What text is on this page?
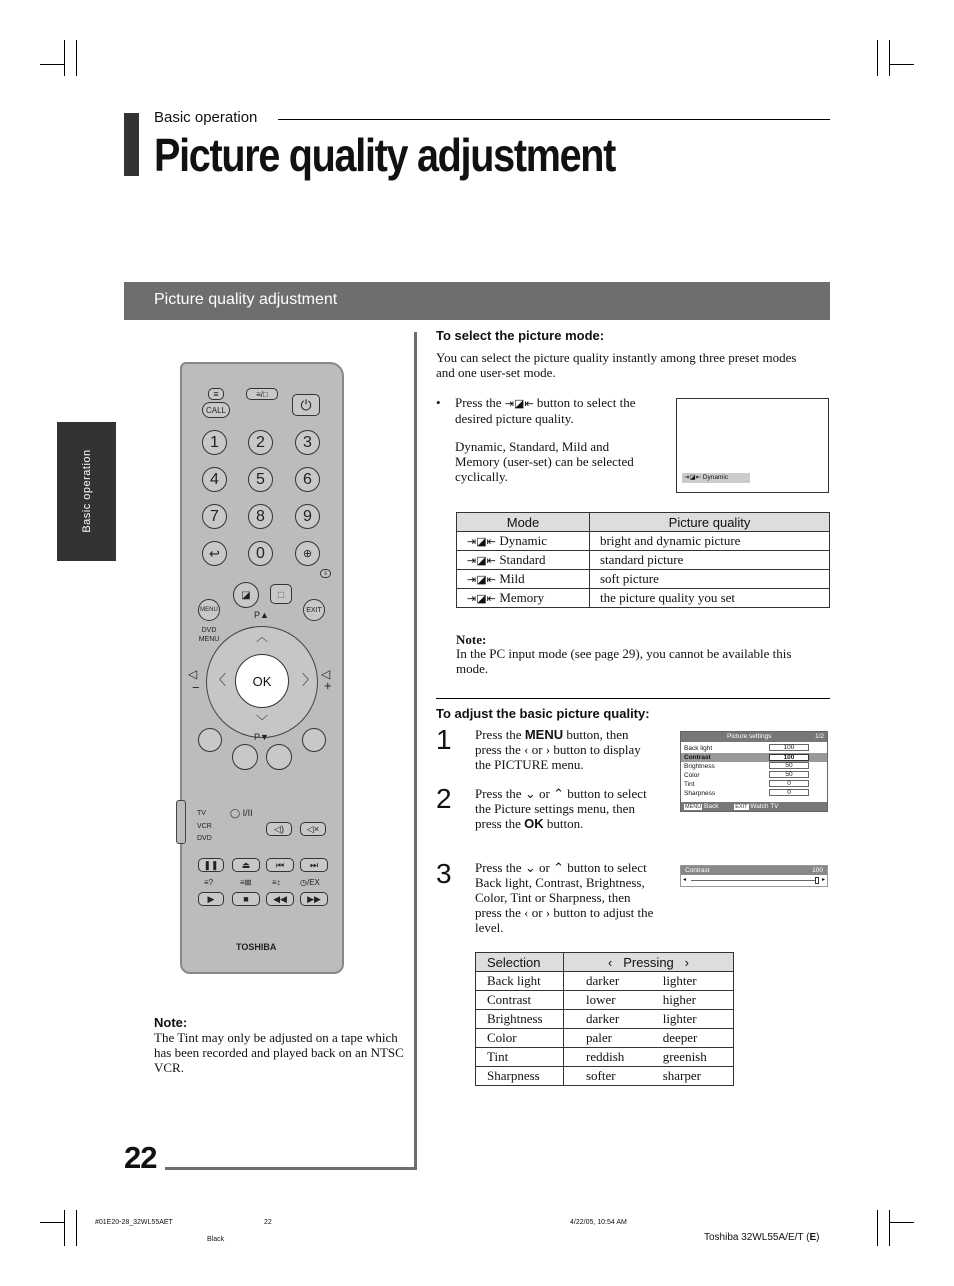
Basic operation
Picture quality adjustment
Basic operation
Picture quality adjustment
22
≡
CALL
≡/□
⏻
1 2 3
4 5 6
7 8 9
↩	0	⊕
≡
◪	⬚
MENU	EXIT
P▲
DVD
MENU
OK
︿
﹀
〈	〉
◁
−
◁
+
P▼
TV
VCR
DVD
◯ I/II
◁)	◁×
❚❚	⏏	⏮	⏭
≡?	≡⊠	≡↕ ◷/EX
▶	■	◀◀	▶▶
TOSHIBA
Note:
The Tint may only be adjusted on a tape which has been recorded and played back on an NTSC VCR.
To select the picture mode:
You can select the picture quality instantly among three preset modes and one user-set mode.
•	Press the ⇥◪⇤ button to select the desired picture quality.
Dynamic, Standard, Mild and Memory (user-set) can be selected cyclically.	⇥◪⇤ Dynamic
Mode	Picture quality
⇥◪⇤ Dynamic	bright and dynamic picture
⇥◪⇤ Standard	standard picture
⇥◪⇤ Mild	soft picture
⇥◪⇤ Memory	the picture quality you set
Note:
In the PC input mode (see page 29), you cannot be available this mode.
To adjust the basic picture quality:
1 Press the MENU button, then press the ‹ or › button to display the PICTURE menu.
2 Press the ⌄ or ⌃ button to select the Picture settings menu, then press the OK button.
3 Press the ⌄ or ⌃ button to select Back light, Contrast, Brightness, Color, Tint or Sharpness, then press the ‹ or › button to adjust the level.
Picture settings	1/2
Back light	100
Contrast	100
Brightness	50
Color	50
Tint	0
Sharpness	0
MENU Back	EXIT Watch TV
Contrast	100
◂	▸
Selection	‹ Pressing ›	
Back light	darker	lighter
Contrast	lower	higher
Brightness	darker	lighter
Color	paler	deeper
Tint	reddish	greenish
Sharpness	softer	sharper
#01E20-28_32WL55AET	22	4/22/05, 10:54 AM
Black	Toshiba 32WL55A/E/T (E)
